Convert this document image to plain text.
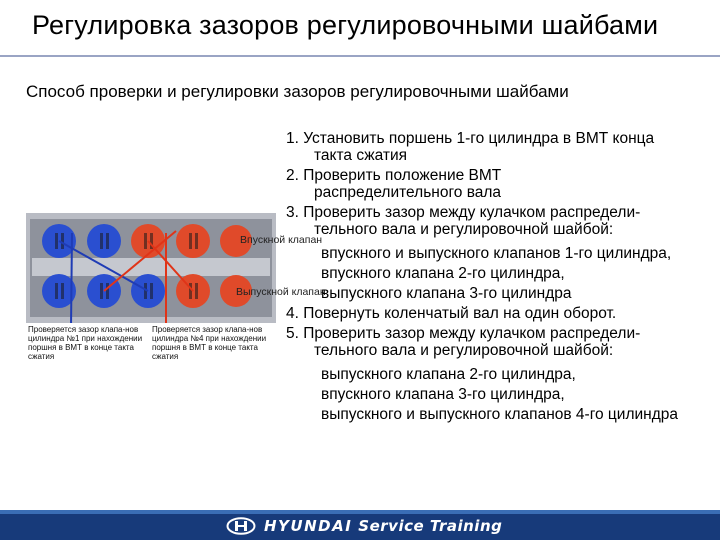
Регулировка зазоров регулировочными шайбами
Способ проверки и регулировки зазоров регулировочными шайбами
Впускной клапан
Выпускной клапан
Проверяется зазор клапа-нов цилиндра №1 при нахождении поршня в ВМТ в конце такта сжатия
Проверяется зазор клапа-нов цилиндра №4 при нахождении поршня в ВМТ в конце такта сжатия
1. Установить поршень 1-го цилиндра в ВМТ конца
такта сжатия
2. Проверить положение ВМТ
распределительного вала
3. Проверить зазор между кулачком распредели-
тельного вала и регулировочной шайбой:
впускного и выпускного клапанов 1-го цилиндра,
впускного клапана 2-го цилиндра,
выпускного клапана 3-го цилиндра
4. Повернуть коленчатый вал на один оборот.
5. Проверить зазор между кулачком распредели-
тельного вала и регулировочной шайбой:
выпускного клапана 2-го цилиндра,
впускного клапана 3-го цилиндра,
выпускного и выпускного клапанов 4-го цилиндра
HYUNDAI Service Training
